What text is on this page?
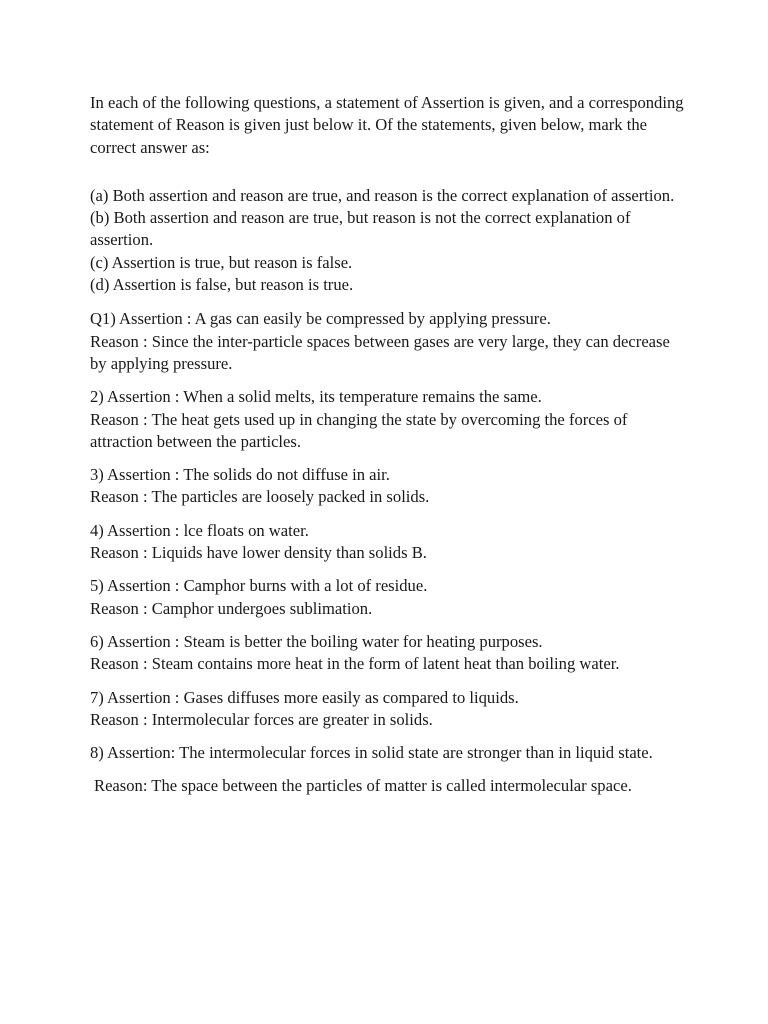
In each of the following questions, a statement of Assertion is given, and a corresponding statement of Reason is given just below it. Of the statements, given below, mark the correct answer as:

(a) Both assertion and reason are true, and reason is the correct explanation of assertion.

(b) Both assertion and reason are true, but reason is not the correct explanation of assertion.

(c) Assertion is true, but reason is false.

(d) Assertion is false, but reason is true.

Q1) Assertion : A gas can easily be compressed by applying pressure.

Reason : Since the inter-particle spaces between gases are very large, they can decrease by applying pressure.

2) Assertion : When a solid melts, its temperature remains the same.

Reason : The heat gets used up in changing the state by overcoming the forces of attraction between the particles.

3) Assertion : The solids do not diffuse in air.

Reason : The particles are loosely packed in solids.

4) Assertion : lce floats on water.

Reason : Liquids have lower density than solids B.

5) Assertion : Camphor burns with a lot of residue.

Reason : Camphor undergoes sublimation.

6) Assertion : Steam is better the boiling water for heating purposes.

Reason : Steam contains more heat in the form of latent heat than boiling water.

7) Assertion : Gases diffuses more easily as compared to liquids.

Reason : Intermolecular forces are greater in solids.

8) Assertion: The intermolecular forces in solid state are stronger than in liquid state.

Reason: The space between the particles of matter is called intermolecular space.
